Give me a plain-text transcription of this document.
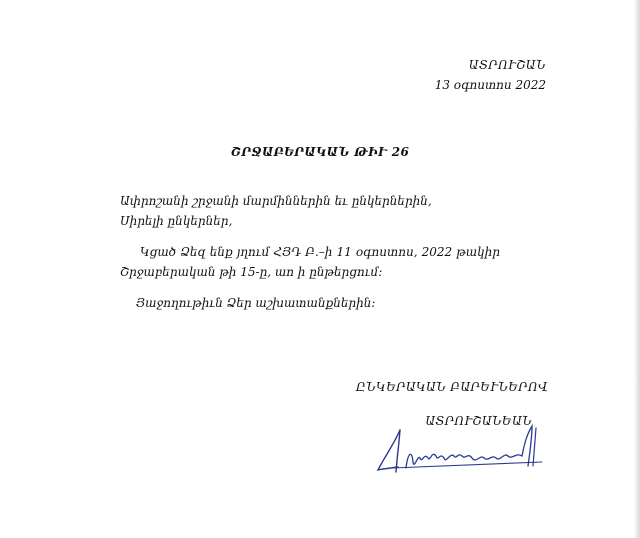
ԱՏՐՈՒՇԱՆ
13 օգոստոս 2022
ՇՐՋԱԲԵՐԱԿԱՆ ԹԻՒ 26
Ափրոշանի շրջանի մարմիններին եւ ընկերներին,
Սիրելի ընկերներ,
Կցած Ձեզ ենք յղում ՀՅԴ Բ.–ի 11 օգոստոս, 2022 թակիր Շրջաբերական թի 15-ը, աո ի ընթերցում:
Յաջողութիւն Ձեր աշխատանքներին:
ԸՆԿԵՐԱԿԱՆ ԲԱՐԵՒՆԵՐՈՎ
ԱՏՐՈՒՇԱՆԵԱՆ
